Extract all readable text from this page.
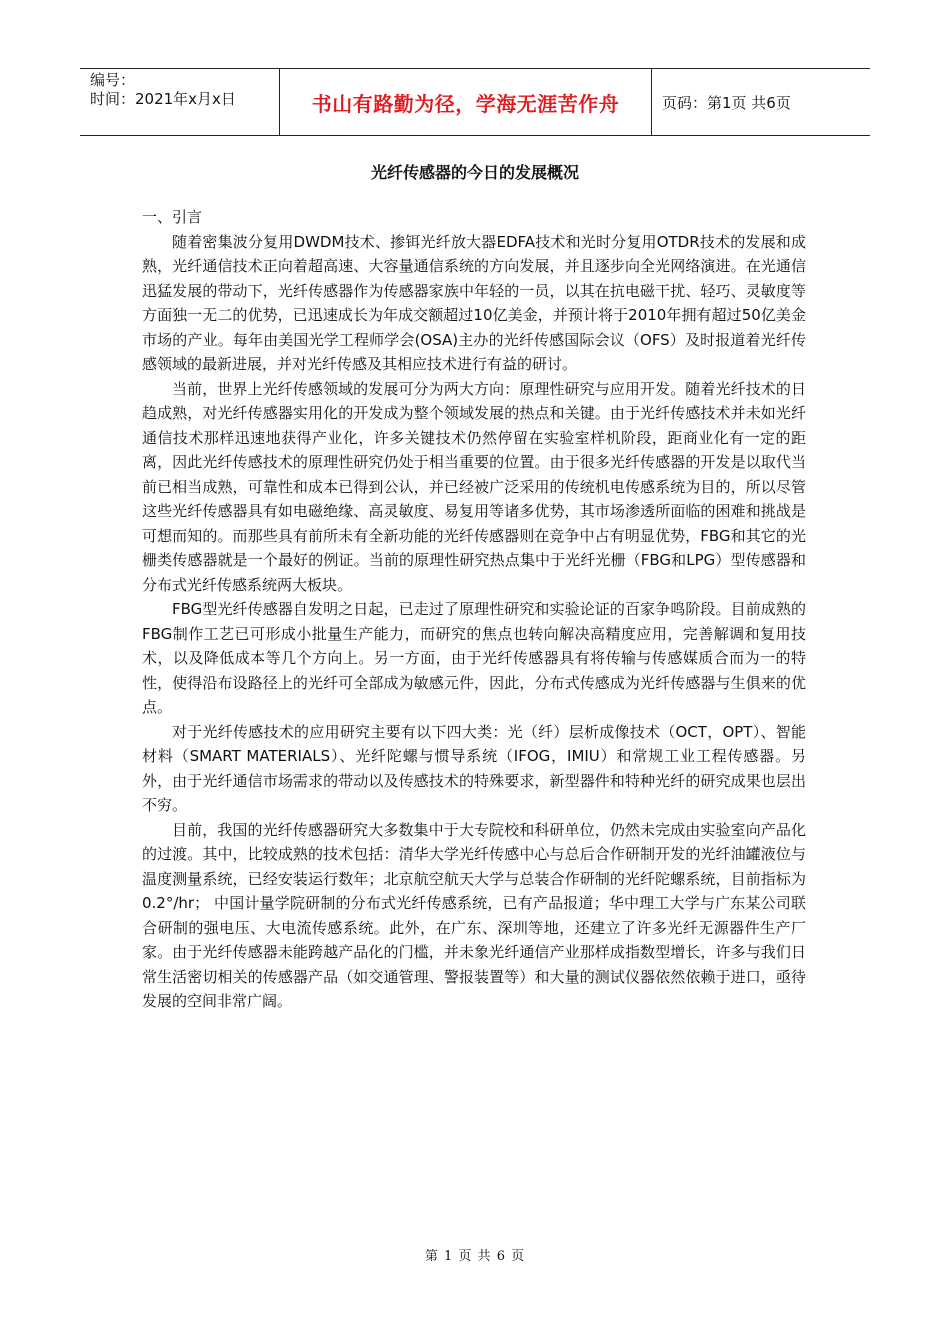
编号：
时间：2021年x月x日	书山有路勤为径，学海无涯苦作舟	页码：第1页 共6页
光纤传感器的今日的发展概况

一、引言

随着密集波分复用DWDM技术、掺铒光纤放大器EDFA技术和光时分复用OTDR技术的发展和成熟，光纤通信技术正向着超高速、大容量通信系统的方向发展，并且逐步向全光网络演进。在光通信迅猛发展的带动下，光纤传感器作为传感器家族中年轻的一员，以其在抗电磁干扰、轻巧、灵敏度等方面独一无二的优势，已迅速成长为年成交额超过10亿美金，并预计将于2010年拥有超过50亿美金市场的产业。每年由美国光学工程师学会(OSA)主办的光纤传感国际会议（OFS）及时报道着光纤传感领域的最新进展，并对光纤传感及其相应技术进行有益的研讨。

当前，世界上光纤传感领域的发展可分为两大方向：原理性研究与应用开发。随着光纤技术的日趋成熟，对光纤传感器实用化的开发成为整个领域发展的热点和关键。由于光纤传感技术并未如光纤通信技术那样迅速地获得产业化，许多关键技术仍然停留在实验室样机阶段，距商业化有一定的距离，因此光纤传感技术的原理性研究仍处于相当重要的位置。由于很多光纤传感器的开发是以取代当前已相当成熟，可靠性和成本已得到公认，并已经被广泛采用的传统机电传感系统为目的，所以尽管这些光纤传感器具有如电磁绝缘、高灵敏度、易复用等诸多优势，其市场渗透所面临的困难和挑战是可想而知的。而那些具有前所未有全新功能的光纤传感器则在竞争中占有明显优势，FBG和其它的光栅类传感器就是一个最好的例证。当前的原理性研究热点集中于光纤光栅（FBG和LPG）型传感器和分布式光纤传感系统两大板块。

FBG型光纤传感器自发明之日起，已走过了原理性研究和实验论证的百家争鸣阶段。目前成熟的FBG制作工艺已可形成小批量生产能力，而研究的焦点也转向解决高精度应用，完善解调和复用技术，以及降低成本等几个方向上。另一方面，由于光纤传感器具有将传输与传感媒质合而为一的特性，使得沿布设路径上的光纤可全部成为敏感元件，因此，分布式传感成为光纤传感器与生俱来的优点。

对于光纤传感技术的应用研究主要有以下四大类：光（纤）层析成像技术（OCT，OPT）、智能材料（SMART MATERIALS）、光纤陀螺与惯导系统（IFOG，IMIU）和常规工业工程传感器。另外，由于光纤通信市场需求的带动以及传感技术的特殊要求，新型器件和特种光纤的研究成果也层出不穷。

目前，我国的光纤传感器研究大多数集中于大专院校和科研单位，仍然未完成由实验室向产品化的过渡。其中，比较成熟的技术包括：清华大学光纤传感中心与总后合作研制开发的光纤油罐液位与温度测量系统，已经安装运行数年；北京航空航天大学与总装合作研制的光纤陀螺系统，目前指标为0.2°/hr； 中国计量学院研制的分布式光纤传感系统，已有产品报道；华中理工大学与广东某公司联合研制的强电压、大电流传感系统。此外，在广东、深圳等地，还建立了许多光纤无源器件生产厂家。由于光纤传感器未能跨越产品化的门槛，并未象光纤通信产业那样成指数型增长，许多与我们日常生活密切相关的传感器产品（如交通管理、警报装置等）和大量的测试仪器依然依赖于进口，亟待发展的空间非常广阔。

第 1 页 共 6 页
